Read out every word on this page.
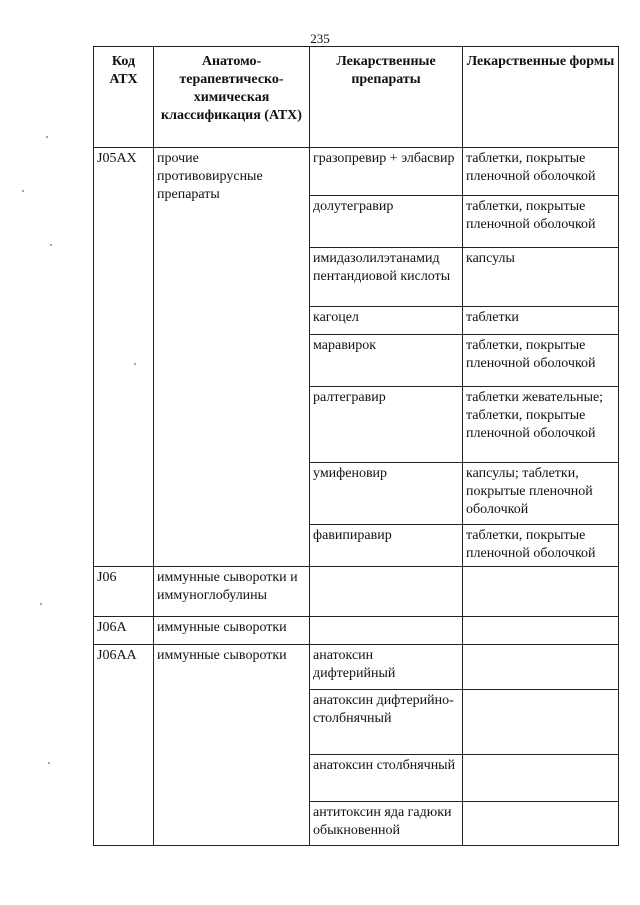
235
Код АТХ	Анатомо-терапевтическо-химическая классификация (АТХ)	Лекарственные препараты	Лекарственные формы
J05AX	прочие противовирусные препараты	гразопревир + элбасвир	таблетки, покрытые пленочной оболочкой
		долутегравир	таблетки, покрытые пленочной оболочкой
		имидазолилэтанамид пентандиовой кислоты	капсулы
		кагоцел	таблетки
		маравирок	таблетки, покрытые пленочной оболочкой
		ралтегравир	таблетки жевательные; таблетки, покрытые пленочной оболочкой
		умифеновир	капсулы; таблетки, покрытые пленочной оболочкой
		фавипиравир	таблетки, покрытые пленочной оболочкой
J06	иммунные сыворотки и иммуноглобулины		
J06A	иммунные сыворотки		
J06AA	иммунные сыворотки	анатоксин дифтерийный	
		анатоксин дифтерийно-столбнячный	
		анатоксин столбнячный	
		антитоксин яда гадюки обыкновенной	
